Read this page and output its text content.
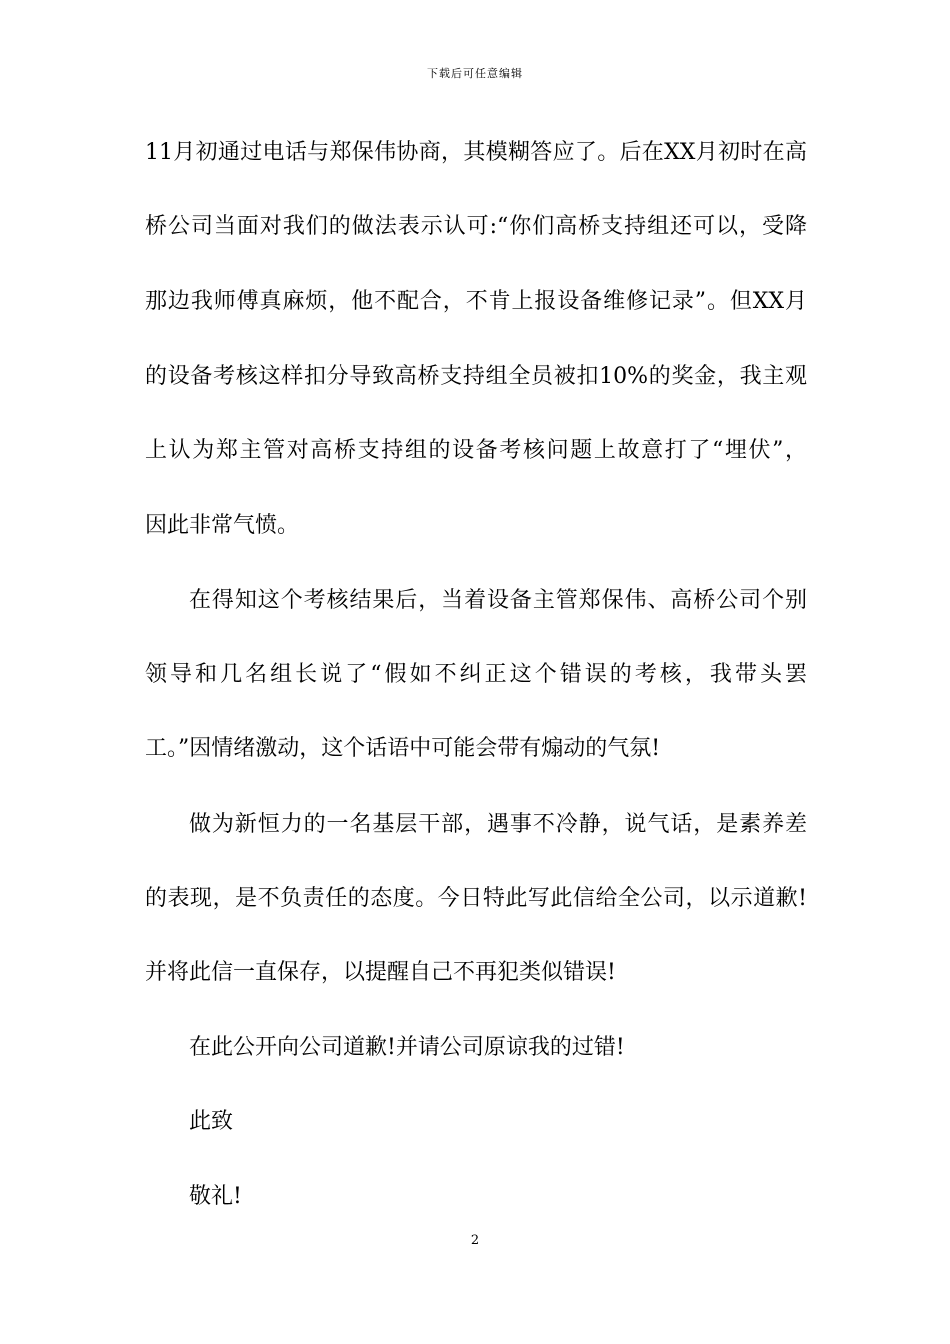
下载后可任意编辑
11月初通过电话与郑保伟协商，其模糊答应了。后在XX月初时在高
桥公司当面对我们的做法表示认可:“你们高桥支持组还可以，受降
那边我师傅真麻烦，他不配合，不肯上报设备维修记录”。但XX月
的设备考核这样扣分导致高桥支持组全员被扣10%的奖金，我主观
上认为郑主管对高桥支持组的设备考核问题上故意打了“埋伏”，
因此非常气愤。
在得知这个考核结果后，当着设备主管郑保伟、高桥公司个别
领导和几名组长说了“假如不纠正这个错误的考核，我带头罢
工。”因情绪激动，这个话语中可能会带有煽动的气氛!
做为新恒力的一名基层干部，遇事不冷静，说气话，是素养差
的表现，是不负责任的态度。今日特此写此信给全公司，以示道歉!
并将此信一直保存，以提醒自己不再犯类似错误!
在此公开向公司道歉!并请公司原谅我的过错!
此致
敬礼!
2
